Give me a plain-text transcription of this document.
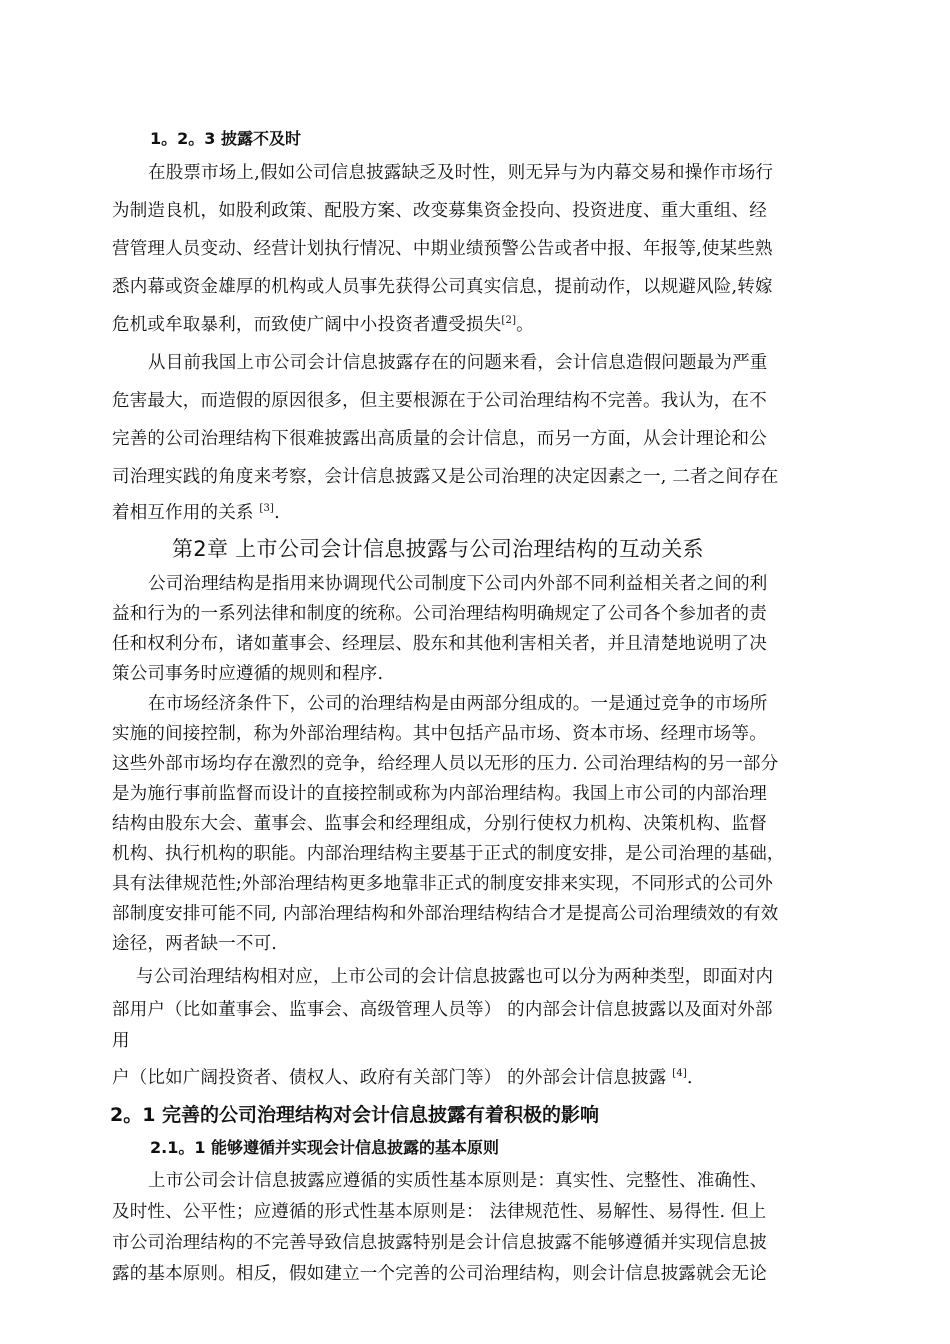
1。2。3 披露不及时
在股票市场上,假如公司信息披露缺乏及时性，则无异与为内幕交易和操作市场行
为制造良机，如股利政策、配股方案、改变募集资金投向、投资进度、重大重组、经
营管理人员变动、经营计划执行情况、中期业绩预警公告或者中报、年报等,使某些熟
悉内幕或资金雄厚的机构或人员事先获得公司真实信息，提前动作，以规避风险,转嫁
危机或牟取暴利，而致使广阔中小投资者遭受损失[2]。
从目前我国上市公司会计信息披露存在的问题来看，会计信息造假问题最为严重
危害最大，而造假的原因很多，但主要根源在于公司治理结构不完善。我认为，在不
完善的公司治理结构下很难披露出高质量的会计信息，而另一方面，从会计理论和公
司治理实践的角度来考察，会计信息披露又是公司治理的决定因素之一, 二者之间存在
着相互作用的关系 [3].
第2章 上市公司会计信息披露与公司治理结构的互动关系
公司治理结构是指用来协调现代公司制度下公司内外部不同利益相关者之间的利
益和行为的一系列法律和制度的统称。公司治理结构明确规定了公司各个参加者的责
任和权利分布，诸如董事会、经理层、股东和其他利害相关者，并且清楚地说明了决
策公司事务时应遵循的规则和程序.
在市场经济条件下，公司的治理结构是由两部分组成的。一是通过竞争的市场所
实施的间接控制，称为外部治理结构。其中包括产品市场、资本市场、经理市场等。
这些外部市场均存在激烈的竞争，给经理人员以无形的压力. 公司治理结构的另一部分
是为施行事前监督而设计的直接控制或称为内部治理结构。我国上市公司的内部治理
结构由股东大会、董事会、监事会和经理组成，分别行使权力机构、决策机构、监督
机构、执行机构的职能。内部治理结构主要基于正式的制度安排，是公司治理的基础，
具有法律规范性;外部治理结构更多地靠非正式的制度安排来实现，不同形式的公司外
部制度安排可能不同, 内部治理结构和外部治理结构结合才是提高公司治理绩效的有效
途径，两者缺一不可.
与公司治理结构相对应，上市公司的会计信息披露也可以分为两种类型，即面对内
部用户（比如董事会、监事会、高级管理人员等） 的内部会计信息披露以及面对外部
用
户（比如广阔投资者、债权人、政府有关部门等） 的外部会计信息披露 [4]．
2。1 完善的公司治理结构对会计信息披露有着积极的影响
2.1。1 能够遵循并实现会计信息披露的基本原则
上市公司会计信息披露应遵循的实质性基本原则是：真实性、完整性、准确性、
及时性、公平性；应遵循的形式性基本原则是： 法律规范性、易解性、易得性. 但上
市公司治理结构的不完善导致信息披露特别是会计信息披露不能够遵循并实现信息披
露的基本原则。相反，假如建立一个完善的公司治理结构，则会计信息披露就会无论
